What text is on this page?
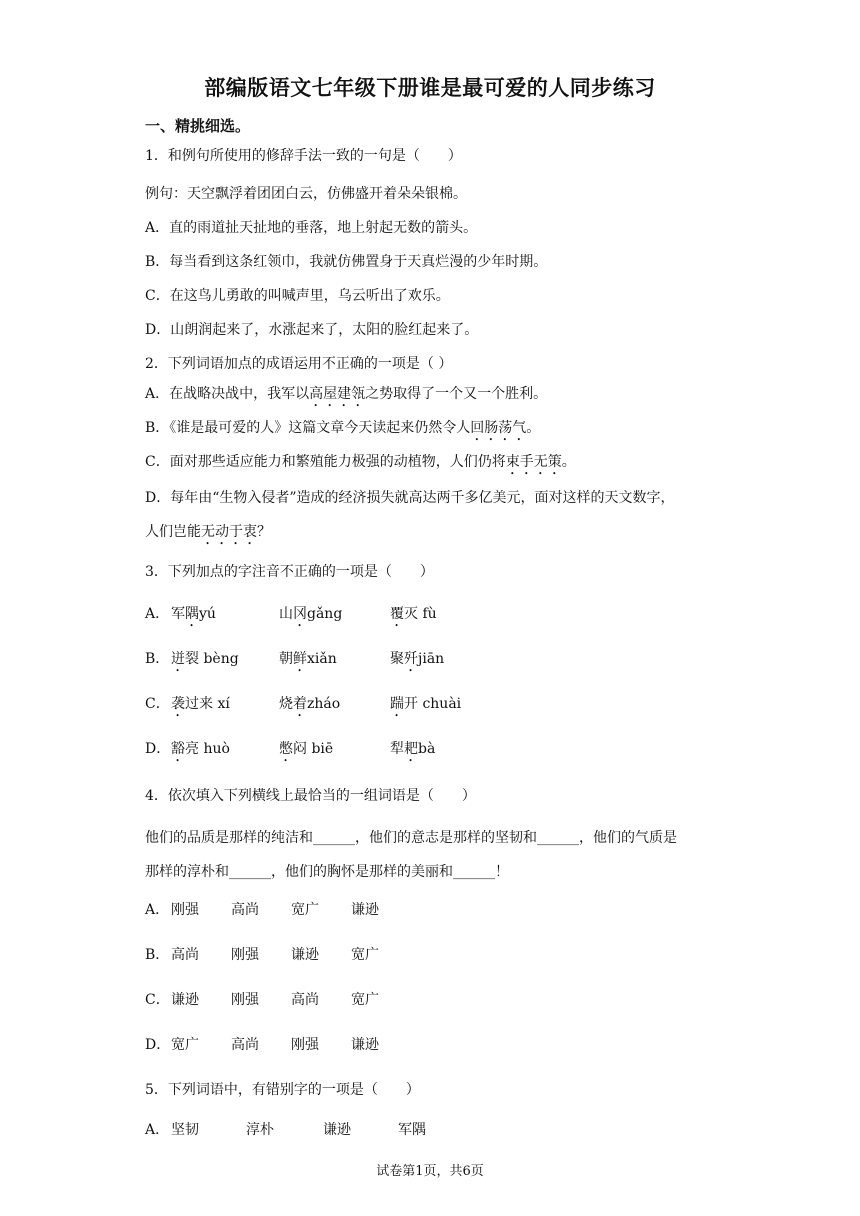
部编版语文七年级下册谁是最可爱的人同步练习
一、精挑细选。
1．和例句所使用的修辞手法一致的一句是（　　）
例句：天空飘浮着团团白云，仿佛盛开着朵朵银棉。
A．直的雨道扯天扯地的垂落，地上射起无数的箭头。
B．每当看到这条红领巾，我就仿佛置身于天真烂漫的少年时期。
C．在这鸟儿勇敢的叫喊声里，乌云听出了欢乐。
D．山朗润起来了，水涨起来了，太阳的脸红起来了。
2．下列词语加点的成语运用不正确的一项是（ ）
A．在战略决战中，我军以高屋建瓴之势取得了一个又一个胜利。
B．《谁是最可爱的人》这篇文章今天读起来仍然令人回肠荡气。
C．面对那些适应能力和繁殖能力极强的动植物，人们仍将束手无策。
D．每年由“生物入侵者”造成的经济损失就高达两千多亿美元，面对这样的天文数字，
人们岂能无动于衷？
3．下列加点的字注音不正确的一项是（　　）
A． 军隅yú	山冈gǎng	覆灭 fù
B． 迸裂 bèng	朝鲜xiǎn	聚歼jiān
C． 袭过来 xí	烧着zháo	踹开 chuài
D． 豁亮 huò	憋闷 biē	犁耙bà
4．依次填入下列横线上最恰当的一组词语是（　　）
他们的品质是那样的纯洁和______，他们的意志是那样的坚韧和______，他们的气质是
那样的淳朴和______，他们的胸怀是那样的美丽和______！
A． 刚强 高尚 宽广 谦逊
B． 高尚 刚强 谦逊 宽广
C． 谦逊 刚强 高尚 宽广
D． 宽广 高尚 刚强 谦逊
5．下列词语中，有错别字的一项是（　　）
A． 坚韧	淳朴	谦逊	军隅
试卷第1页，共6页
